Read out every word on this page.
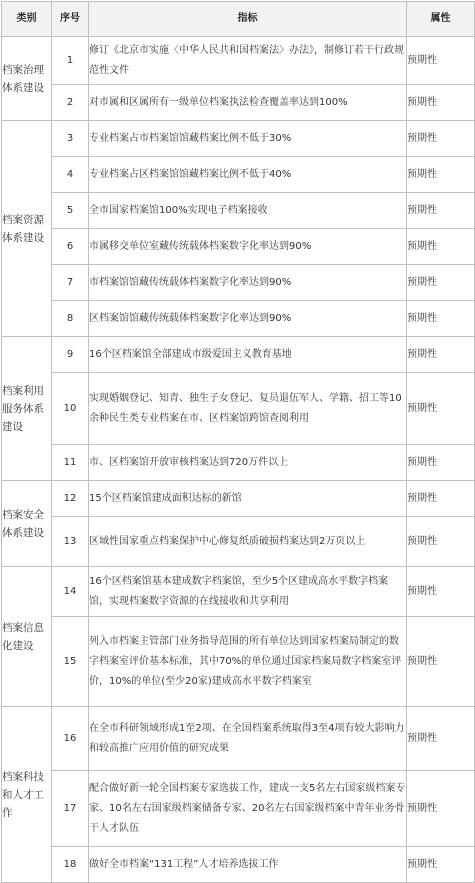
类别	序号	指标	属性
档案治理体系建设	1	修订《北京市实施〈中华人民共和国档案法〉办法》，制修订若干行政规范性文件	预期性
	2	对市属和区属所有一级单位档案执法检查覆盖率达到100%	预期性
档案资源体系建设	3	专业档案占市档案馆馆藏档案比例不低于30%	预期性
	4	专业档案占区档案馆馆藏档案比例不低于40%	预期性
	5	全市国家档案馆100%实现电子档案接收	预期性
	6	市属移交单位室藏传统载体档案数字化率达到90%	预期性
	7	市档案馆馆藏传统载体档案数字化率达到90%	预期性
	8	区档案馆馆藏传统载体档案数字化率达到90%	预期性
档案利用服务体系建设	9	16个区档案馆全部建成市级爱国主义教育基地	预期性
	10	实现婚姻登记、知青、独生子女登记、复员退伍军人、学籍、招工等10余种民生类专业档案在市、区档案馆跨馆查阅利用	预期性
	11	市、区档案馆开放审核档案达到720万件以上	预期性
档案安全体系建设	12	15个区档案馆建成面积达标的新馆	预期性
	13	区域性国家重点档案保护中心修复纸质破损档案达到2万页以上	预期性
档案信息化建设	14	16个区档案馆基本建成数字档案馆，至少5个区建成高水平数字档案馆，实现档案数字资源的在线接收和共享利用	预期性
	15	列入市档案主管部门业务指导范围的所有单位达到国家档案局制定的数字档案室评价基本标准，其中70%的单位通过国家档案局数字档案室评价，10%的单位(至少20家)建成高水平数字档案室	预期性
档案科技和人才工作	16	在全市科研领域形成1至2项、在全国档案系统取得3至4项有较大影响力和较高推广应用价值的研究成果	预期性
	17	配合做好新一轮全国档案专家选拔工作，建成一支5名左右国家级档案专家、10名左右国家级档案储备专家、20名左右国家级档案中青年业务骨干人才队伍	预期性
	18	做好全市档案“131工程”人才培养选拔工作	预期性
